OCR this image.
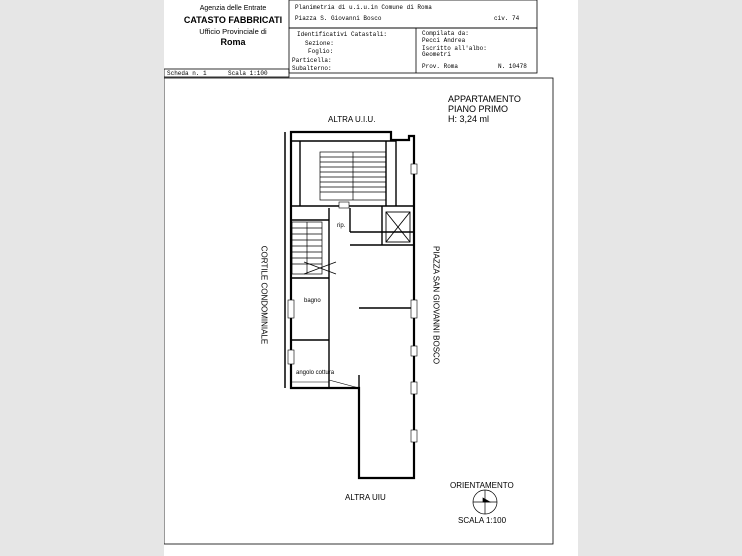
Agenzia delle Entrate
CATASTO FABBRICATI
Ufficio Provinciale di
Roma
Planimetria di u.i.u.in Comune di Roma
Piazza S. Giovanni Bosco	civ. 74
Identificativi Catastali:
Sezione:
Foglio:
Particella:
Subalterno:
Compilata da:
Pecci Andrea
Iscritto all'albo:
Geometri
Prov. Roma	N. 10478
Scheda n. 1	Scala 1:100
APPARTAMENTO
PIANO PRIMO
H: 3,24 ml
ALTRA U.I.U.
ALTRA UIU
CORTILE CONDOMINIALE	PIAZZA SAN GIOVANNI BOSCO
rip.
bagno
angolo cottura
ORIENTAMENTO
SCALA 1:100
